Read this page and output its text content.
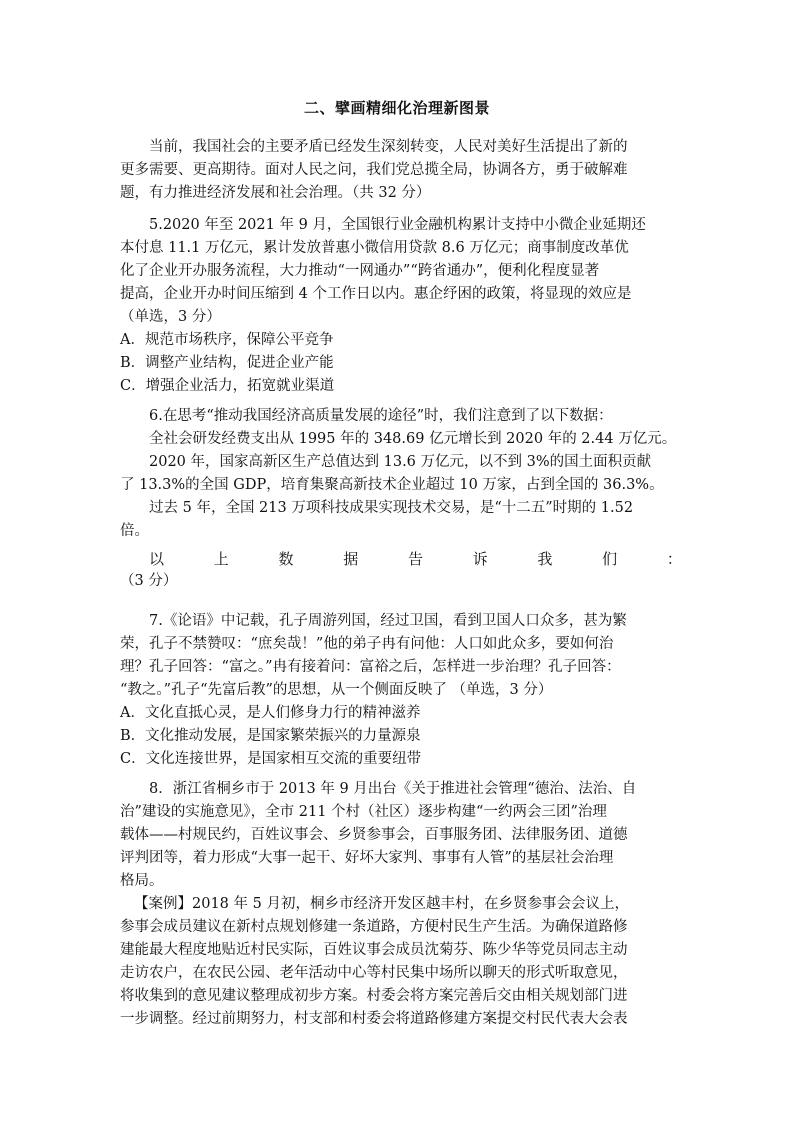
二、擘画精细化治理新图景

当前，我国社会的主要矛盾已经发生深刻转变，人民对美好生活提出了新的

更多需要、更高期待。面对人民之问，我们党总揽全局，协调各方，勇于破解难

题，有力推进经济发展和社会治理。（共 32 分）

5.2020 年至 2021 年 9 月，全国银行业金融机构累计支持中小微企业延期还

本付息 11.1 万亿元，累计发放普惠小微信用贷款 8.6 万亿元；商事制度改革优

化了企业开办服务流程，大力推动“一网通办”“跨省通办”，便利化程度显著

提高，企业开办时间压缩到 4 个工作日以内。惠企纾困的政策，将显现的效应是

（单选，3 分）

A．规范市场秩序，保障公平竞争

B．调整产业结构，促进企业产能

C．增强企业活力，拓宽就业渠道

6.在思考“推动我国经济高质量发展的途径”时，我们注意到了以下数据：

全社会研发经费支出从 1995 年的 348.69 亿元增长到 2020 年的 2.44 万亿元。

2020 年，国家高新区生产总值达到 13.6 万亿元，以不到 3%的国土面积贡献

了 13.3%的全国 GDP，培育集聚高新技术企业超过 10 万家，占到全国的 36.3%。

过去 5 年，全国 213 万项科技成果实现技术交易，是“十二五”时期的 1.52

倍。

以	上	数	据	告	诉	我	们	：

（3 分）

7.《论语》中记载，孔子周游列国，经过卫国，看到卫国人口众多，甚为繁

荣，孔子不禁赞叹：“庶矣哉！”他的弟子冉有问他：人口如此众多，要如何治

理？孔子回答：“富之。”冉有接着问：富裕之后，怎样进一步治理？孔子回答：

“教之。”孔子“先富后教”的思想，从一个侧面反映了 （单选，3 分）

A．文化直抵心灵，是人们修身力行的精神滋养

B．文化推动发展，是国家繁荣振兴的力量源泉

C．文化连接世界，是国家相互交流的重要纽带

8．浙江省桐乡市于 2013 年 9 月出台《关于推进社会管理“德治、法治、自

治”建设的实施意见》，全市 211 个村（社区）逐步构建“一约两会三团”治理

载体——村规民约，百姓议事会、乡贤参事会，百事服务团、法律服务团、道德

评判团等，着力形成“大事一起干、好坏大家判、事事有人管”的基层社会治理

格局。

【案例】2018 年 5 月初，桐乡市经济开发区越丰村，在乡贤参事会会议上，

参事会成员建议在新村点规划修建一条道路，方便村民生产生活。为确保道路修

建能最大程度地贴近村民实际，百姓议事会成员沈菊芬、陈少华等党员同志主动

走访农户，在农民公园、老年活动中心等村民集中场所以聊天的形式听取意见，

将收集到的意见建议整理成初步方案。村委会将方案完善后交由相关规划部门进

一步调整。经过前期努力，村支部和村委会将道路修建方案提交村民代表大会表
